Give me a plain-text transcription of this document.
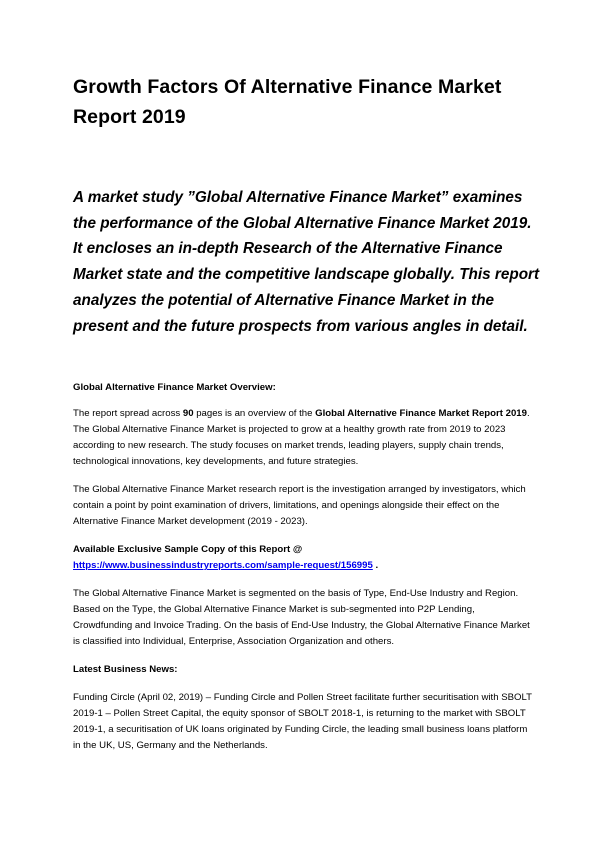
Growth Factors Of Alternative Finance Market Report 2019

A market study ”Global Alternative Finance Market” examines the performance of the Global Alternative Finance Market 2019. It encloses an in-depth Research of the Alternative Finance Market state and the competitive landscape globally. This report analyzes the potential of Alternative Finance Market in the present and the future prospects from various angles in detail.

Global Alternative Finance Market Overview:

The report spread across 90 pages is an overview of the Global Alternative Finance Market Report 2019. The Global Alternative Finance Market is projected to grow at a healthy growth rate from 2019 to 2023 according to new research. The study focuses on market trends, leading players, supply chain trends, technological innovations, key developments, and future strategies.

The Global Alternative Finance Market research report is the investigation arranged by investigators, which contain a point by point examination of drivers, limitations, and openings alongside their effect on the Alternative Finance Market development (2019 - 2023).

Available Exclusive Sample Copy of this Report @
https://www.businessindustryreports.com/sample-request/156995 .

The Global Alternative Finance Market is segmented on the basis of Type, End-Use Industry and Region. Based on the Type, the Global Alternative Finance Market is sub-segmented into P2P Lending, Crowdfunding and Invoice Trading. On the basis of End-Use Industry, the Global Alternative Finance Market is classified into Individual, Enterprise, Association Organization and others.

Latest Business News:

Funding Circle (April 02, 2019) – Funding Circle and Pollen Street facilitate further securitisation with SBOLT 2019-1 – Pollen Street Capital, the equity sponsor of SBOLT 2018-1, is returning to the market with SBOLT 2019-1, a securitisation of UK loans originated by Funding Circle, the leading small business loans platform in the UK, US, Germany and the Netherlands.
